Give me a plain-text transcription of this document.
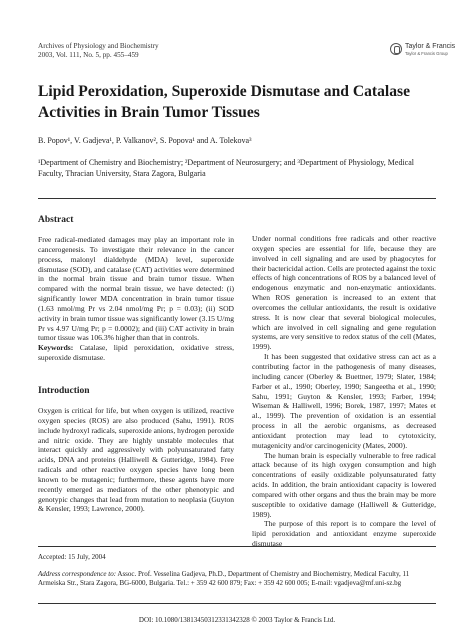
Archives of Physiology and Biochemistry
2003, Vol. 111, No. 5, pp. 455–459
Taylor & Francis
Taylor & Francis Group
Lipid Peroxidation, Superoxide Dismutase and Catalase Activities in Brain Tumor Tissues
B. Popov¹, V. Gadjeva¹, P. Valkanov², S. Popova¹ and A. Tolekova³
¹Department of Chemistry and Biochemistry; ²Department of Neurosurgery; and ³Department of Physiology, Medical Faculty, Thracian University, Stara Zagora, Bulgaria
Abstract

Free radical-mediated damages may play an important role in cancerogenesis. To investigate their relevance in the cancer process, malonyl dialdehyde (MDA) level, superoxide dismutase (SOD), and catalase (CAT) activities were determined in the normal brain tissue and brain tumor tissue. When compared with the normal brain tissue, we have detected: (i) significantly lower MDA concentration in brain tumor tissue (1.63 nmol/mg Pr vs 2.04 nmol/mg Pr; p = 0.03); (ii) SOD activity in brain tumor tissue was significantly lower (3.15 U/mg Pr vs 4.97 U/mg Pr; p = 0.0002); and (iii) CAT activity in brain tumor tissue was 106.3% higher than that in controls.

Keywords: Catalase, lipid peroxidation, oxidative stress, superoxide dismutase.

Introduction

Oxygen is critical for life, but when oxygen is utilized, reactive oxygen species (ROS) are also produced (Sahu, 1991). ROS include hydroxyl radicals, superoxide anions, hydrogen peroxide and nitric oxide. They are highly unstable molecules that interact quickly and aggressively with polyunsaturated fatty acids, DNA and proteins (Halliwell & Gutteridge, 1984). Free radicals and other reactive oxygen species have long been known to be mutagenic; furthermore, these agents have more recently emerged as mediators of the other phenotypic and genotypic changes that lead from mutation to neoplasia (Guyton & Kensler, 1993; Lawrence, 2000).

Under normal conditions free radicals and other reactive oxygen species are essential for life, because they are involved in cell signaling and are used by phagocytes for their bactericidal action. Cells are protected against the toxic effects of high concentrations of ROS by a balanced level of endogenous enzymatic and non-enzymatic antioxidants. When ROS generation is increased to an extent that overcomes the cellular antioxidants, the result is oxidative stress. It is now clear that several biological molecules, which are involved in cell signaling and gene regulation systems, are very sensitive to redox status of the cell (Mates, 1999).

It has been suggested that oxidative stress can act as a contributing factor in the pathogenesis of many diseases, including cancer (Oberley & Buettner, 1979; Slater, 1984; Farber et al., 1990; Oberley, 1990; Sangeetha et al., 1990; Sahu, 1991; Guyton & Kensler, 1993; Farber, 1994; Wiseman & Halliwell, 1996; Borek, 1987, 1997; Mates et al., 1999). The prevention of oxidation is an essential process in all the aerobic organisms, as decreased antioxidant protection may lead to cytotoxicity, mutagenicity and/or carcinogenicity (Mates, 2000).

The human brain is especially vulnerable to free radical attack because of its high oxygen consumption and high concentrations of easily oxidizable polyunsaturated fatty acids. In addition, the brain antioxidant capacity is lowered compared with other organs and thus the brain may be more susceptible to oxidative damage (Halliwell & Gutteridge, 1989).

The purpose of this report is to compare the level of lipid peroxidation and antioxidant enzyme superoxide dismutase

Accepted: 15 July, 2004
Address correspondence to: Assoc. Prof. Vesselina Gadjeva, Ph.D., Department of Chemistry and Biochemistry, Medical Faculty, 11 Armeiska Str., Stara Zagora, BG-6000, Bulgaria. Tel.: + 359 42 600 879; Fax: + 359 42 600 005; E-mail: vgadjeva@mf.uni-sz.bg
DOI: 10.1080/13813450312331342328 © 2003 Taylor & Francis Ltd.
